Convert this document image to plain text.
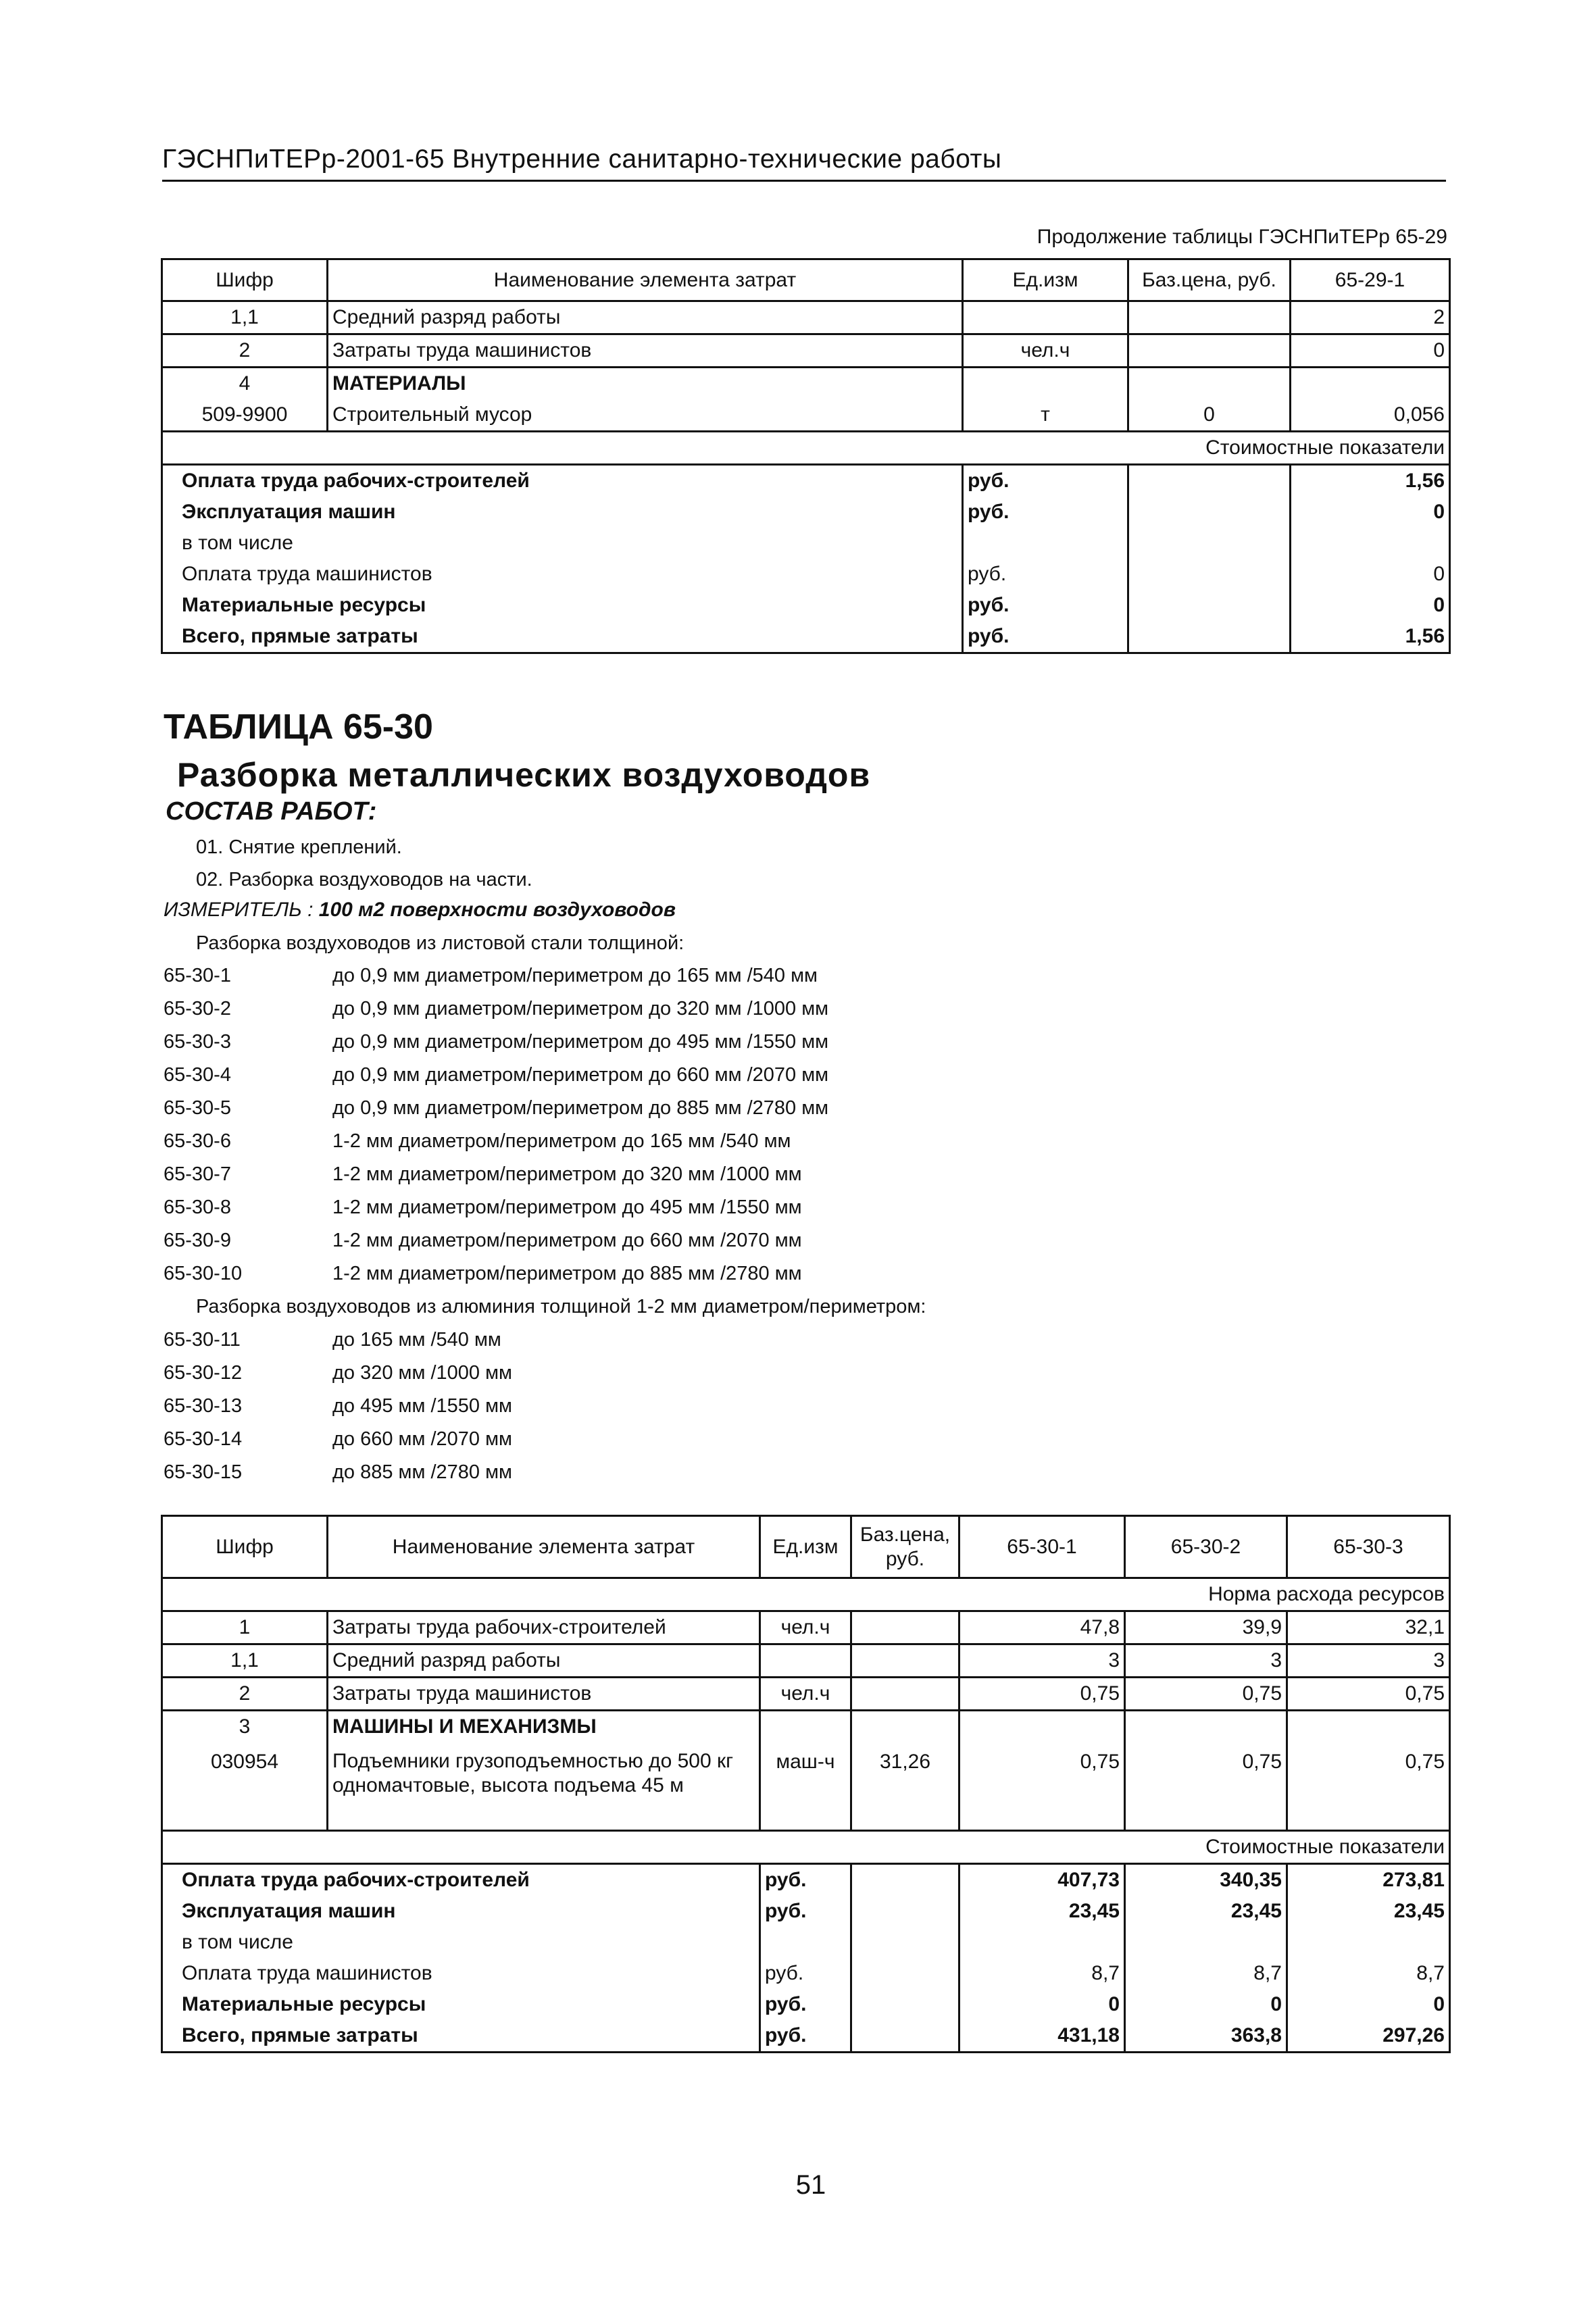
ГЭСНПиТЕРр-2001-65 Внутренние санитарно-технические работы
Продолжение таблицы ГЭСНПиТЕРр 65-29
Шифр	Наименование элемента затрат	Ед.изм	Баз.цена, руб.	65-29-1
1,1	Средний разряд работы			2
2	Затраты труда машинистов	чел.ч		0
4	МАТЕРИАЛЫ			
509-9900	Строительный мусор	т	0	0,056
Стоимостные показатели				
Оплата труда рабочих-строителей		руб.		1,56
Эксплуатация машин		руб.		0
в том числе				
Оплата труда машинистов		руб.		0
Материальные ресурсы		руб.		0
Всего, прямые затраты		руб.		1,56
ТАБЛИЦА 65-30
Разборка металлических воздуховодов
СОСТАВ РАБОТ:
01. Снятие креплений.
02. Разборка воздуховодов на части.
ИЗМЕРИТЕЛЬ : 100 м2 поверхности воздуховодов
Разборка воздуховодов из листовой стали толщиной:
65-30-1	до 0,9 мм диаметром/периметром до 165 мм /540 мм
65-30-2	до 0,9 мм диаметром/периметром до 320 мм /1000 мм
65-30-3	до 0,9 мм диаметром/периметром до 495 мм /1550 мм
65-30-4	до 0,9 мм диаметром/периметром до 660 мм /2070 мм
65-30-5	до 0,9 мм диаметром/периметром до 885 мм /2780 мм
65-30-6	1-2 мм диаметром/периметром до 165 мм /540 мм
65-30-7	1-2 мм диаметром/периметром до 320 мм /1000 мм
65-30-8	1-2 мм диаметром/периметром до 495 мм /1550 мм
65-30-9	1-2 мм диаметром/периметром до 660 мм /2070 мм
65-30-10	1-2 мм диаметром/периметром до 885 мм /2780 мм
Разборка воздуховодов из алюминия толщиной 1-2 мм диаметром/периметром:
65-30-11	до 165 мм /540 мм
65-30-12	до 320 мм /1000 мм
65-30-13	до 495 мм /1550 мм
65-30-14	до 660 мм /2070 мм
65-30-15	до 885 мм /2780 мм
Шифр	Наименование элемента затрат	Ед.изм	Баз.цена, руб.	65-30-1	65-30-2	65-30-3
Норма расхода ресурсов						
1	Затраты труда рабочих-строителей	чел.ч		47,8	39,9	32,1
1,1	Средний разряд работы			3	3	3
2	Затраты труда машинистов	чел.ч		0,75	0,75	0,75
3	МАШИНЫ И МЕХАНИЗМЫ					
030954	Подъемники грузоподъемностью до 500 кг одномачтовые, высота подъема 45 м	маш-ч	31,26	0,75	0,75	0,75
Стоимостные показатели						
Оплата труда рабочих-строителей		руб.		407,73	340,35	273,81
Эксплуатация машин		руб.		23,45	23,45	23,45
в том числе						
Оплата труда машинистов		руб.		8,7	8,7	8,7
Материальные ресурсы		руб.		0	0	0
Всего, прямые затраты		руб.		431,18	363,8	297,26
51
